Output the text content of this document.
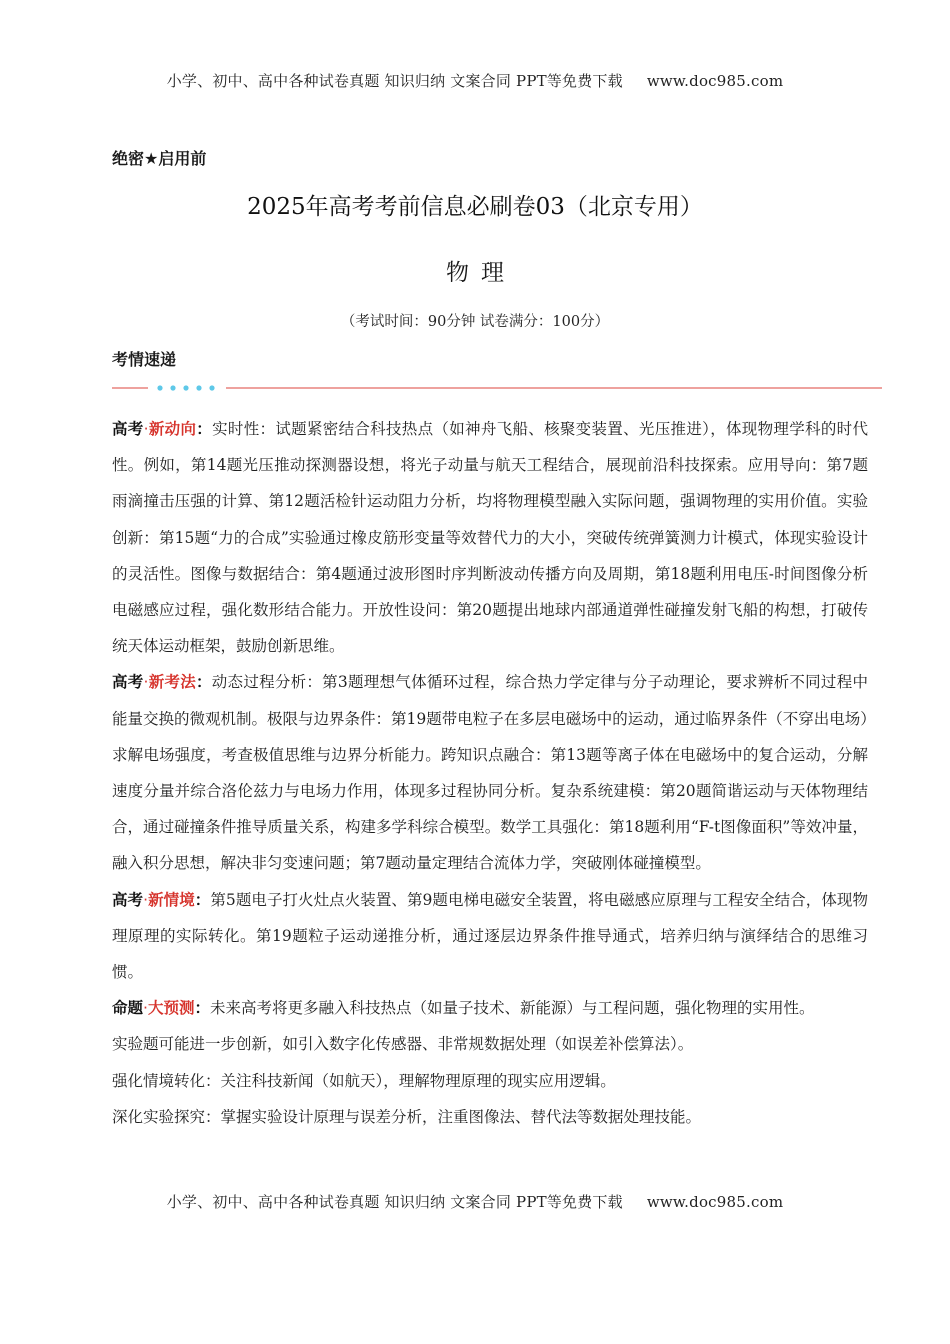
小学、初中、高中各种试卷真题 知识归纳 文案合同 PPT等免费下载 www.doc985.com
绝密★启用前
2025年高考考前信息必刷卷03（北京专用）
物理
（考试时间：90分钟 试卷满分：100分）
考情速递

高考·新动向：实时性：试题紧密结合科技热点（如神舟飞船、核聚变装置、光压推进），体现物理学科的时代性。例如，第14题光压推动探测器设想，将光子动量与航天工程结合，展现前沿科技探索。应用导向：第7题雨滴撞击压强的计算、第12题活检针运动阻力分析，均将物理模型融入实际问题，强调物理的实用价值。实验创新：第15题“力的合成”实验通过橡皮筋形变量等效替代力的大小，突破传统弹簧测力计模式，体现实验设计的灵活性。图像与数据结合：第4题通过波形图时序判断波动传播方向及周期，第18题利用电压-时间图像分析电磁感应过程，强化数形结合能力。开放性设问：第20题提出地球内部通道弹性碰撞发射飞船的构想，打破传统天体运动框架，鼓励创新思维。

高考·新考法：动态过程分析：第3题理想气体循环过程，综合热力学定律与分子动理论，要求辨析不同过程中能量交换的微观机制。极限与边界条件：第19题带电粒子在多层电磁场中的运动，通过临界条件（不穿出电场）求解电场强度，考查极值思维与边界分析能力。跨知识点融合：第13题等离子体在电磁场中的复合运动，分解速度分量并综合洛伦兹力与电场力作用，体现多过程协同分析。复杂系统建模：第20题简谐运动与天体物理结合，通过碰撞条件推导质量关系，构建多学科综合模型。数学工具强化：第18题利用“F-t图像面积”等效冲量，融入积分思想，解决非匀变速问题；第7题动量定理结合流体力学，突破刚体碰撞模型。

高考·新情境：第5题电子打火灶点火装置、第9题电梯电磁安全装置，将电磁感应原理与工程安全结合，体现物理原理的实际转化。第19题粒子运动递推分析，通过逐层边界条件推导通式，培养归纳与演绎结合的思维习惯。

命题·大预测：未来高考将更多融入科技热点（如量子技术、新能源）与工程问题，强化物理的实用性。

实验题可能进一步创新，如引入数字化传感器、非常规数据处理（如误差补偿算法）。

强化情境转化：关注科技新闻（如航天），理解物理原理的现实应用逻辑。

深化实验探究：掌握实验设计原理与误差分析，注重图像法、替代法等数据处理技能。

小学、初中、高中各种试卷真题 知识归纳 文案合同 PPT等免费下载 www.doc985.com
